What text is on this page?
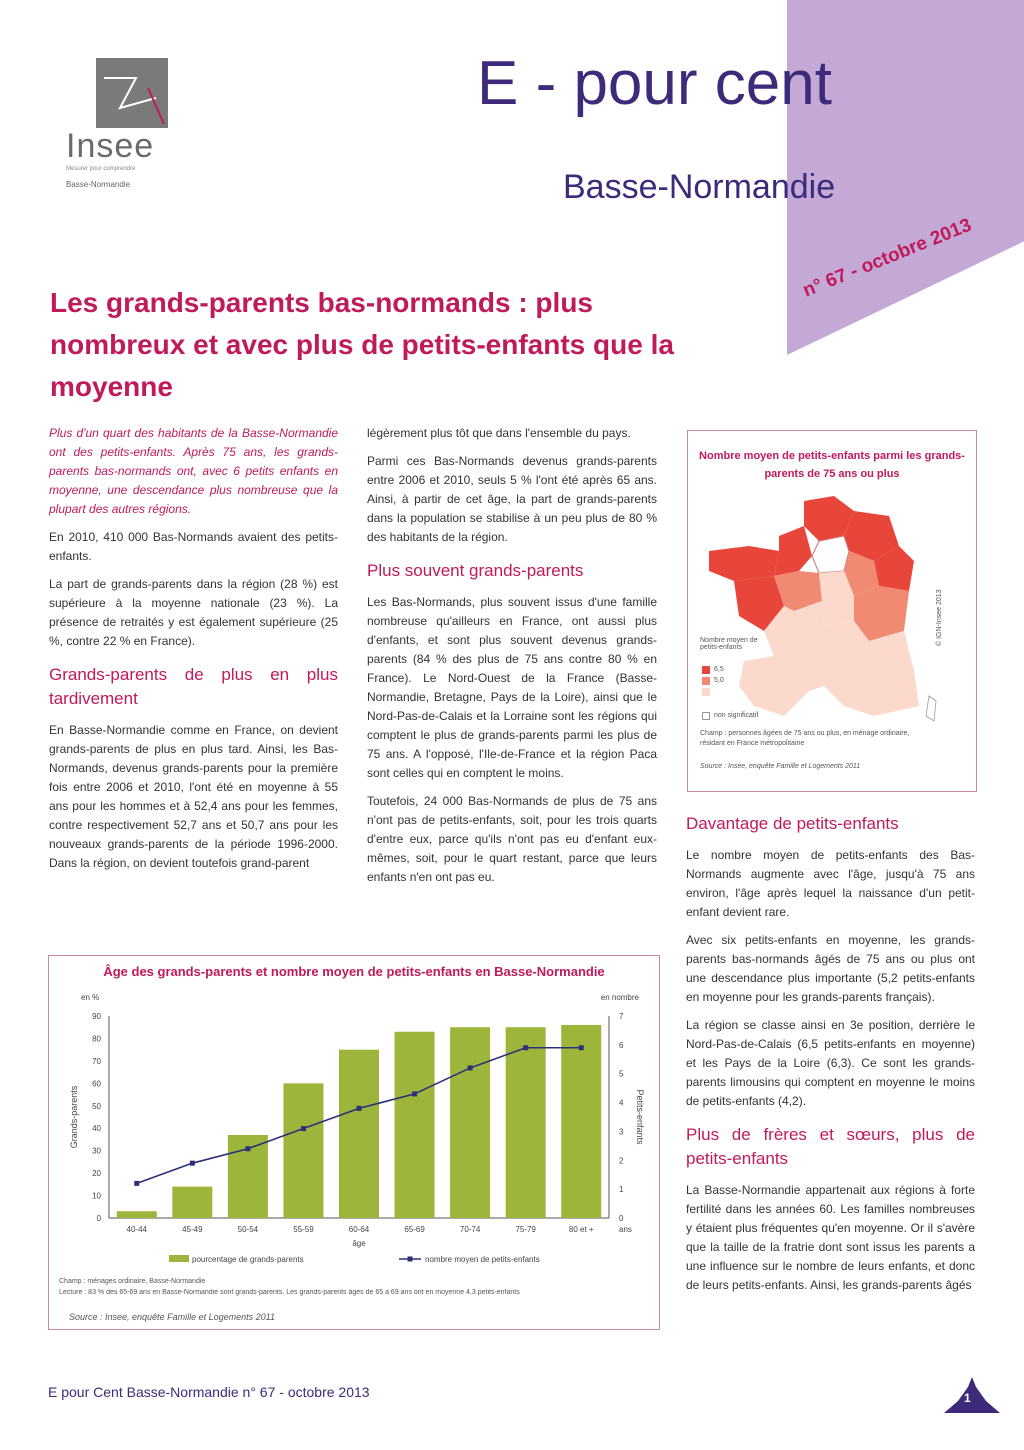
n° 67 - octobre 2013
Insee
Mesurer pour comprendre
Basse-Normandie
E - pour cent
Basse-Normandie
Les grands-parents bas-normands : plus nombreux et avec plus de petits-enfants que la moyenne

Plus d'un quart des habitants de la Basse-Normandie ont des petits-enfants. Après 75 ans, les grands-parents bas-normands ont, avec 6 petits enfants en moyenne, une descendance plus nombreuse que la plupart des autres régions.

En 2010, 410 000 Bas-Normands avaient des petits-enfants.

La part de grands-parents dans la région (28 %) est supérieure à la moyenne nationale (23 %). La présence de retraités y est également supérieure (25 %, contre 22 % en France).

Grands-parents de plus en plus tardivement

En Basse-Normandie comme en France, on devient grands-parents de plus en plus tard. Ainsi, les Bas-Normands, devenus grands-parents pour la première fois entre 2006 et 2010, l'ont été en moyenne à 55 ans pour les hommes et à 52,4 ans pour les femmes, contre respectivement 52,7 ans et 50,7 ans pour les nouveaux grands-parents de la période 1996-2000. Dans la région, on devient toutefois grand-parent

légèrement plus tôt que dans l'ensemble du pays.

Parmi ces Bas-Normands devenus grands-parents entre 2006 et 2010, seuls 5 % l'ont été après 65 ans. Ainsi, à partir de cet âge, la part de grands-parents dans la population se stabilise à un peu plus de 80 % des habitants de la région.

Plus souvent grands-parents

Les Bas-Normands, plus souvent issus d'une famille nombreuse qu'ailleurs en France, ont aussi plus d'enfants, et sont plus souvent devenus grands-parents (84 % des plus de 75 ans contre 80 % en France). Le Nord-Ouest de la France (Basse-Normandie, Bretagne, Pays de la Loire), ainsi que le Nord-Pas-de-Calais et la Lorraine sont les régions qui comptent le plus de grands-parents parmi les plus de 75 ans. A l'opposé, l'Ile-de-France et la région Paca sont celles qui en comptent le moins.

Toutefois, 24 000 Bas-Normands de plus de 75 ans n'ont pas de petits-enfants, soit, pour les trois quarts d'entre eux, parce qu'ils n'ont pas eu d'enfant eux-mêmes, soit, pour le quart restant, parce que leurs enfants n'en ont pas eu.

Nombre moyen de petits-enfants parmi les grands-parents de 75 ans ou plus
Nombre moyen de petits-enfants
6,5
5,0
non significatif
© IGN-Insee 2013
Champ : personnes âgées de 75 ans ou plus, en ménage ordinaire, résidant en France métropolitaine
Source : Insee, enquête Famille et Logements 2011
Davantage de petits-enfants

Le nombre moyen de petits-enfants des Bas-Normands augmente avec l'âge, jusqu'à 75 ans environ, l'âge après lequel la naissance d'un petit-enfant devient rare.

Avec six petits-enfants en moyenne, les grands-parents bas-normands âgés de 75 ans ou plus ont une descendance plus importante (5,2 petits-enfants en moyenne pour les grands-parents français).

La région se classe ainsi en 3e position, derrière le Nord-Pas-de-Calais (6,5 petits-enfants en moyenne) et les Pays de la Loire (6,3). Ce sont les grands-parents limousins qui comptent en moyenne le moins de petits-enfants (4,2).

Plus de frères et sœurs, plus de petits-enfants

La Basse-Normandie appartenait aux régions à forte fertilité dans les années 60. Les familles nombreuses y étaient plus fréquentes qu'en moyenne. Or il s'avère que la taille de la fratrie dont sont issus les parents a une influence sur le nombre de leurs enfants, et donc de leurs petits-enfants. Ainsi, les grands-parents âgés

Âge des grands-parents et nombre moyen de petits-enfants en Basse-Normandie
0
10
20
30
40
50
60
70
80
90
0
1
2
3
4
5
6
7
en %	en nombre
Grands-parents	Petits-enfants
40-44	45-49	50-54	55-59	60-64	65-69	70-74	75-79	80 et +	ans
âge
pourcentage de grands-parents	nombre moyen de petits-enfants
Champ : ménages ordinaire, Basse-Normandie
Lecture : 83 % des 65-69 ans en Basse-Normandie sont grands-parents. Les grands-parents âgés de 65 à 69 ans ont en moyenne 4,3 petits-enfants
Source : Insee, enquête Famille et Logements 2011
E pour Cent Basse-Normandie n° 67 - octobre 2013	1
